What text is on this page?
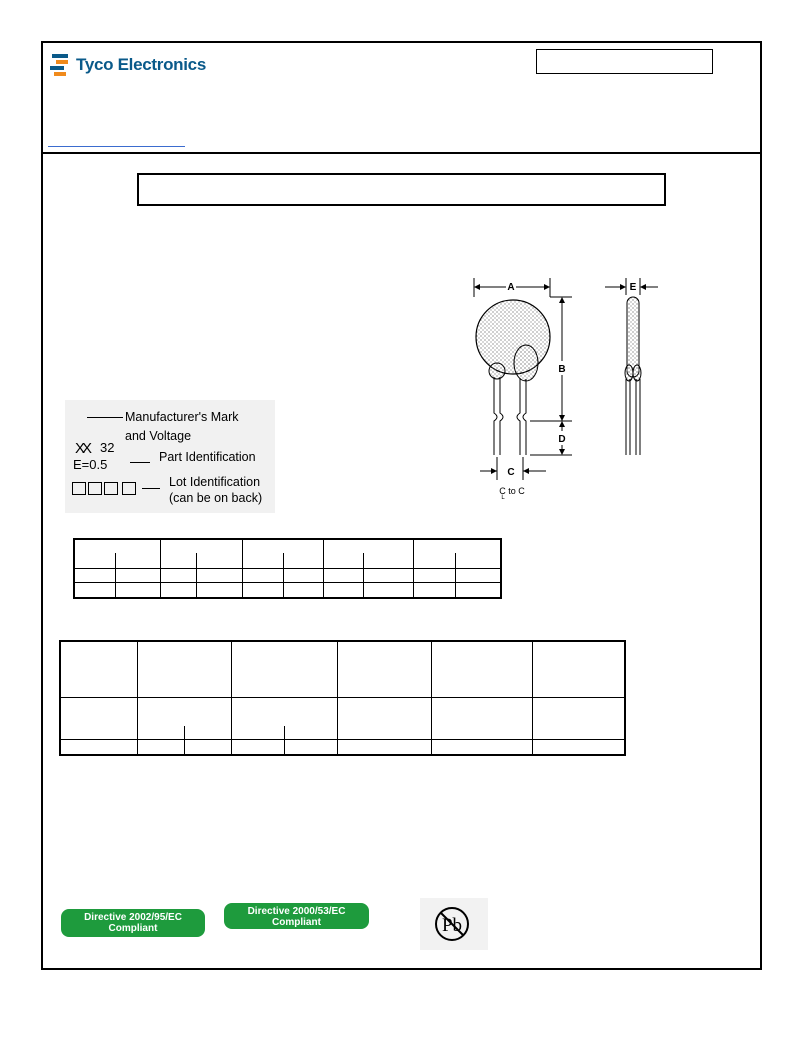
Tyco Electronics
A
B
D
C
C to C
L
E
Manufacturer's Mark
and Voltage
XX 32
E=0.5	Part Identification
Lot Identification
(can be on back)
Directive 2002/95/EC
Compliant
Directive 2000/53/EC
Compliant	Pb
